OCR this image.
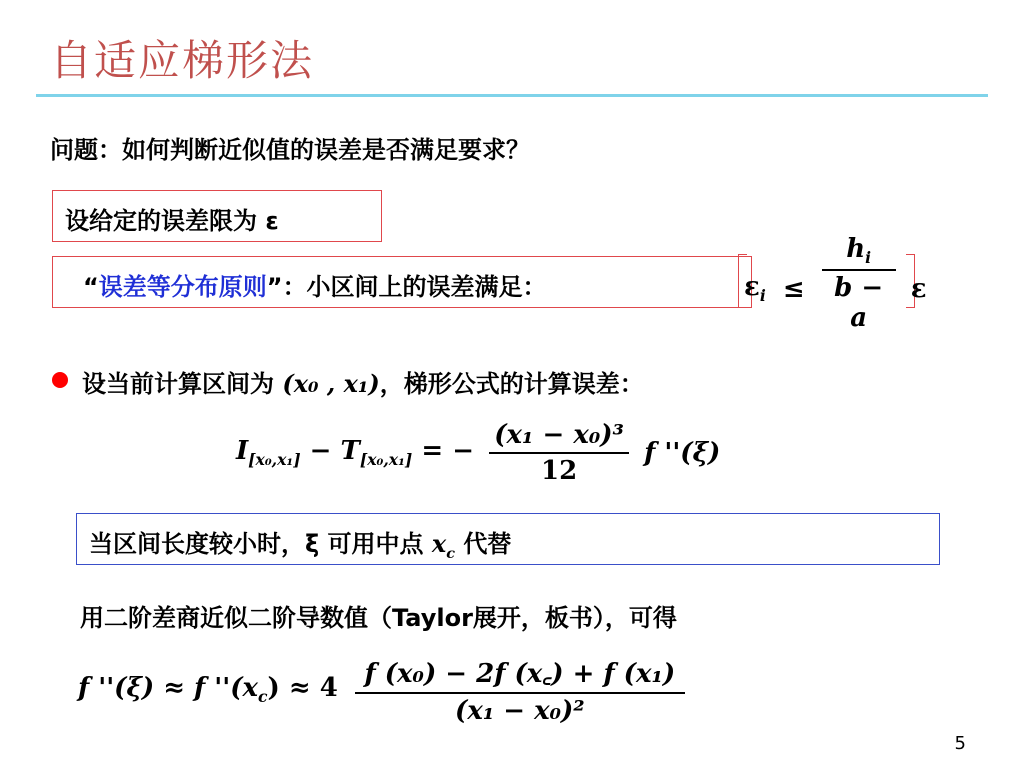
自适应梯形法
问题：如何判断近似值的误差是否满足要求？
设给定的误差限为 ε
“误差等分布原则”：小区间上的误差满足：	$\varepsilon_i \le \frac{h_i}{b - a}$ ε
设当前计算区间为 (x₀ , x₁)，梯形公式的计算误差：
$I_{[x_0,x_1]} - T_{[x_0,x_1]}$ = − $\frac{\text{(x₁ − x₀)³}}{12}$ f ''(ξ)
当区间长度较小时，ξ 可用中点 $x_c$ 代替
用二阶差商近似二阶导数值（Taylor展开，板书），可得
f ''(ξ) ≈ f ''$(x_c) \approx 4 \frac{\text{f (x₀) − 2f (x꜀) + f (x₁)}}{\text{(x₁ − x₀)²}}$
5
